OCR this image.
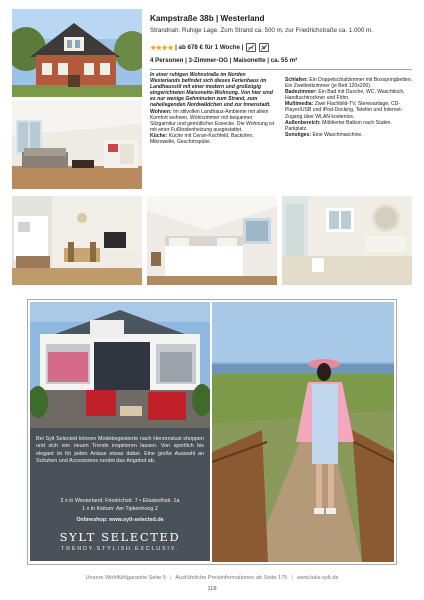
Kampstraße 38b | Westerland
Strandnah. Ruhige Lage. Zum Strand ca. 500 m, zur Friedrichstraße ca. 1.000 m.
★★★★ | ab 678 € für 1 Woche |
4 Personen | 3-Zimmer-OG | Maisonette | ca. 55 m²

In einer ruhigen Wohnstraße im Norden Westerlands befindet sich dieses Ferienhaus im Landhausstil mit einer modern und großzügig eingerichteten Maisonette-Wohnung. Von hier sind es nur wenige Gehminuten zum Strand, zum naheliegenden Nordwäldchen und zur Innenstadt.

Wohnen: Im stilvollen Landhaus-Ambiente mit allem Komfort wohnen. Wohnzimmer mit bequemer Sitzgarnitur und gemütlicher Essecke. Die Wohnung ist mit einer Fußbodenheizung ausgestattet.

Küche: Küche mit Ceran-Kochfeld, Backofen, Mikrowelle, Geschirrspüler.

Schlafen: Ein Doppelschlafzimmer mit Boxspringbetten. Ein Zweibettzimmer (je Bett 120x200).

Badezimmer: Ein Bad mit Dusche, WC, Waschtisch, Handtuchtrockner und Föhn.

Multimedia: Zwei Flachbild-TV, Stereoanlage, CD-Player/USB und iPod-Docking, Telefon und Internet-Zugang über WLAN kostenlos.

Außenbereich: Möblierter Balkon nach Süden. Parkplatz.

Sonstiges: Eine Waschmaschine.

Bei Sylt Selected können Modebegeisterte nach Herzenslust shoppen und sich von neuen Trends inspirieren lassen. Von sportlich bis elegant ist für jeden Anlass etwas dabei. Eine große Auswahl an Schuhen und Accessoires rundet das Angebot ab.

2 x in Westerland: Friedrichstr. 7 • Elisabethstr. 1a
1 x in Keitum: Am Tipkenhoog 2
Onlineshop: www.sylt-selected.de
SYLT SELECTED
TRENDY.STYLISH.EXCLUSIV.
Unsere Wohlfühlgarantie Seite 5 | Ausführliche Preisinformationen ab Seite 175 | www.bals-sylt.de
118
